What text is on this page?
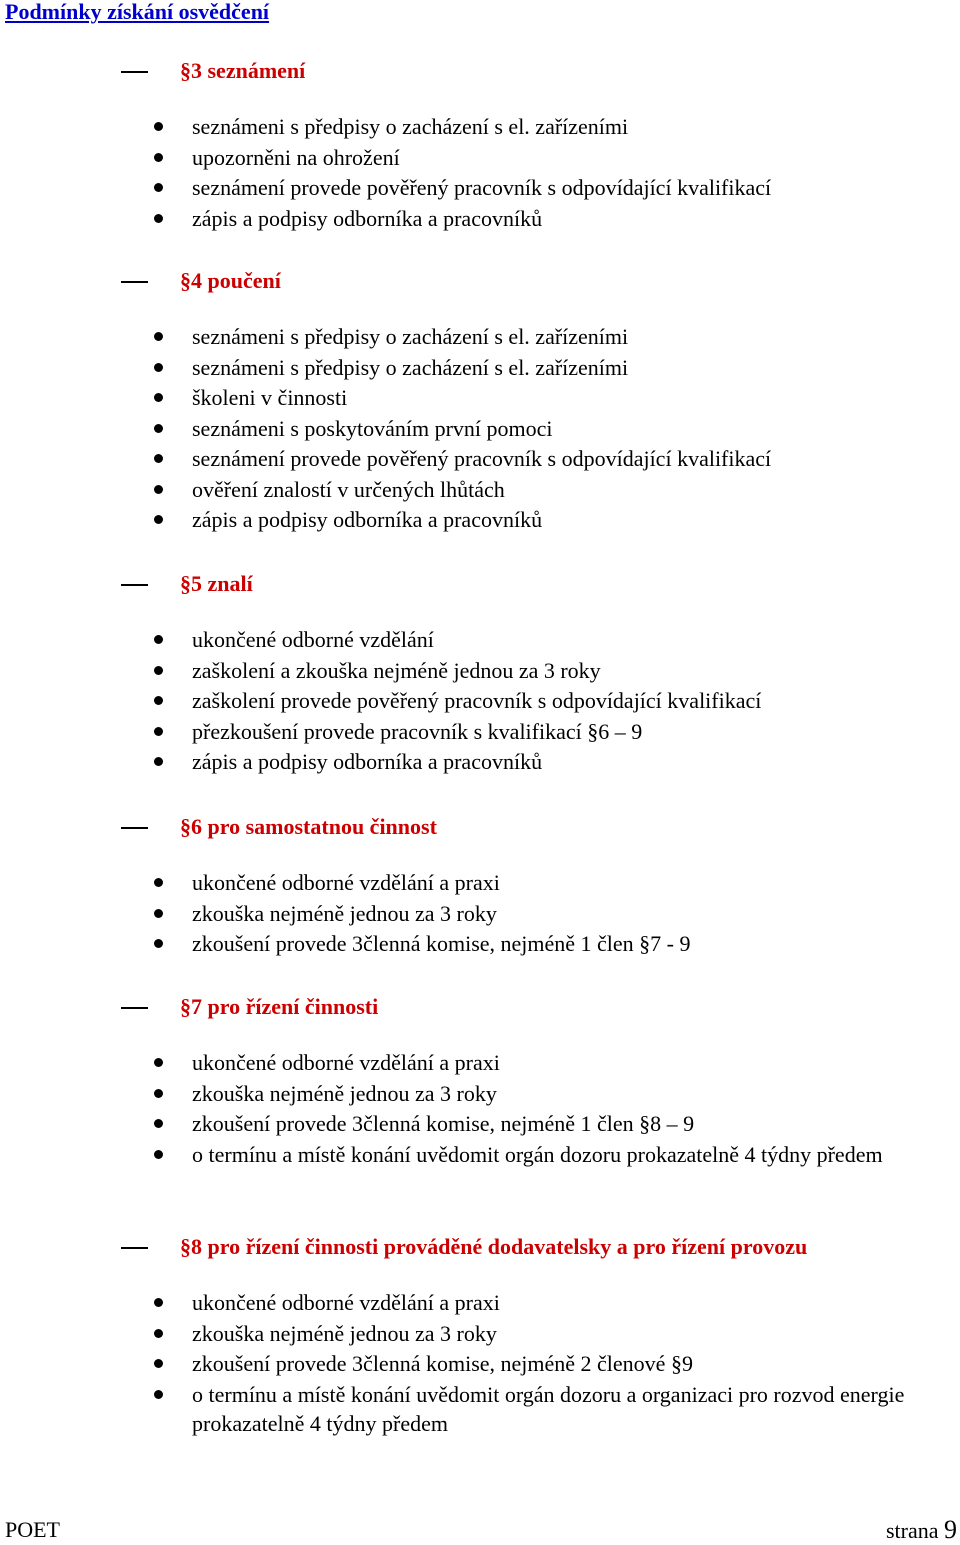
Podmínky získání osvědčení
§3 seznámení
seznámeni s předpisy o zacházení s el. zařízeními
upozorněni na ohrožení
seznámení provede pověřený pracovník s odpovídající kvalifikací
zápis a podpisy odborníka a pracovníků
§4 poučení
seznámeni s předpisy o zacházení s el. zařízeními
seznámeni s předpisy o zacházení s el. zařízeními
školeni v činnosti
seznámeni s poskytováním první pomoci
seznámení provede pověřený pracovník s odpovídající kvalifikací
ověření znalostí v určených lhůtách
zápis a podpisy odborníka a pracovníků
§5 znalí
ukončené odborné vzdělání
zaškolení a zkouška nejméně jednou za 3 roky
zaškolení provede pověřený pracovník s odpovídající kvalifikací
přezkoušení provede pracovník s kvalifikací §6 – 9
zápis a podpisy odborníka a pracovníků
§6 pro samostatnou činnost
ukončené odborné vzdělání a praxi
zkouška nejméně jednou za 3 roky
zkoušení provede 3členná komise, nejméně 1 člen §7 - 9
§7 pro řízení činnosti
ukončené odborné vzdělání a praxi
zkouška nejméně jednou za 3 roky
zkoušení provede 3členná komise, nejméně 1 člen §8 – 9
o termínu a místě konání uvědomit orgán dozoru prokazatelně 4 týdny předem
§8 pro řízení činnosti prováděné dodavatelsky a pro řízení provozu
ukončené odborné vzdělání a praxi
zkouška nejméně jednou za 3 roky
zkoušení provede 3členná komise, nejméně 2 členové §9
o termínu a místě konání uvědomit orgán dozoru a organizaci pro rozvod energie prokazatelně 4 týdny předem
POET	strana 9
